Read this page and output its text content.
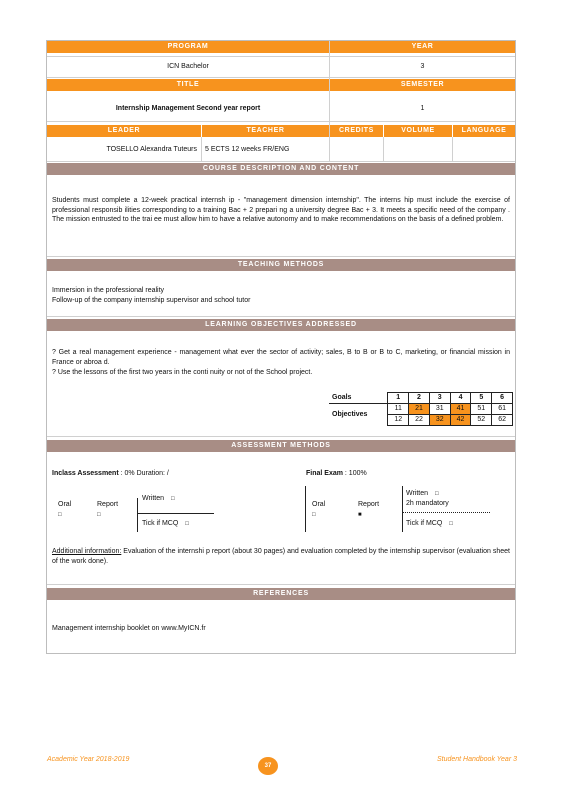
PROGRAM	YEAR
ICN Bachelor	3
TITLE	SEMESTER
Internship Management Second year report	1
LEADER	TEACHER	CREDITS	VOLUME	LANGUAGE
TOSELLO Alexandra Tuteurs	5 ECTS 12 weeks FR/ENG
COURSE DESCRIPTION AND CONTENT
Students must complete a 12-week practical internsh ip - "management dimension internship". The interns hip must include the exercise of professional responsib ilities corresponding to a training Bac + 2 prepari ng a university degree Bac + 3. It meets a specific need of the company . The mission entrusted to the trai ee must allow him to have a relative autonomy and to make recommendations on the basis of a defined problem.
TEACHING METHODS
Immersion in the professional reality
Follow-up of the company internship supervisor and school tutor
LEARNING OBJECTIVES ADDRESSED
? Get a real management experience - management what ever the sector of activity; sales, B to B or B to C, marketing, or financial mission in France or abroa d.
? Use the lessons of the first two years in the conti nuity or not of the School project.
Goals	1	2	3	4	5	6
Objectives	11	21	31	41	51	61
	12	22	32	42	52	62
ASSESSMENT METHODS
Inclass Assessment : 0% Duration: /	Final Exam : 100%
Oral
□
Report
□
Written □
Tick if MCQ □
Oral
□
Report
■
Written □
2h mandatory
Tick if MCQ □
Additional information: Evaluation of the internshi p report (about 30 pages) and evaluation completed by the internship supervisor (evaluation sheet of the work done).
REFERENCES
Management internship booklet on www.MyICN.fr
Academic Year 2018-2019
37
Student Handbook Year 3
